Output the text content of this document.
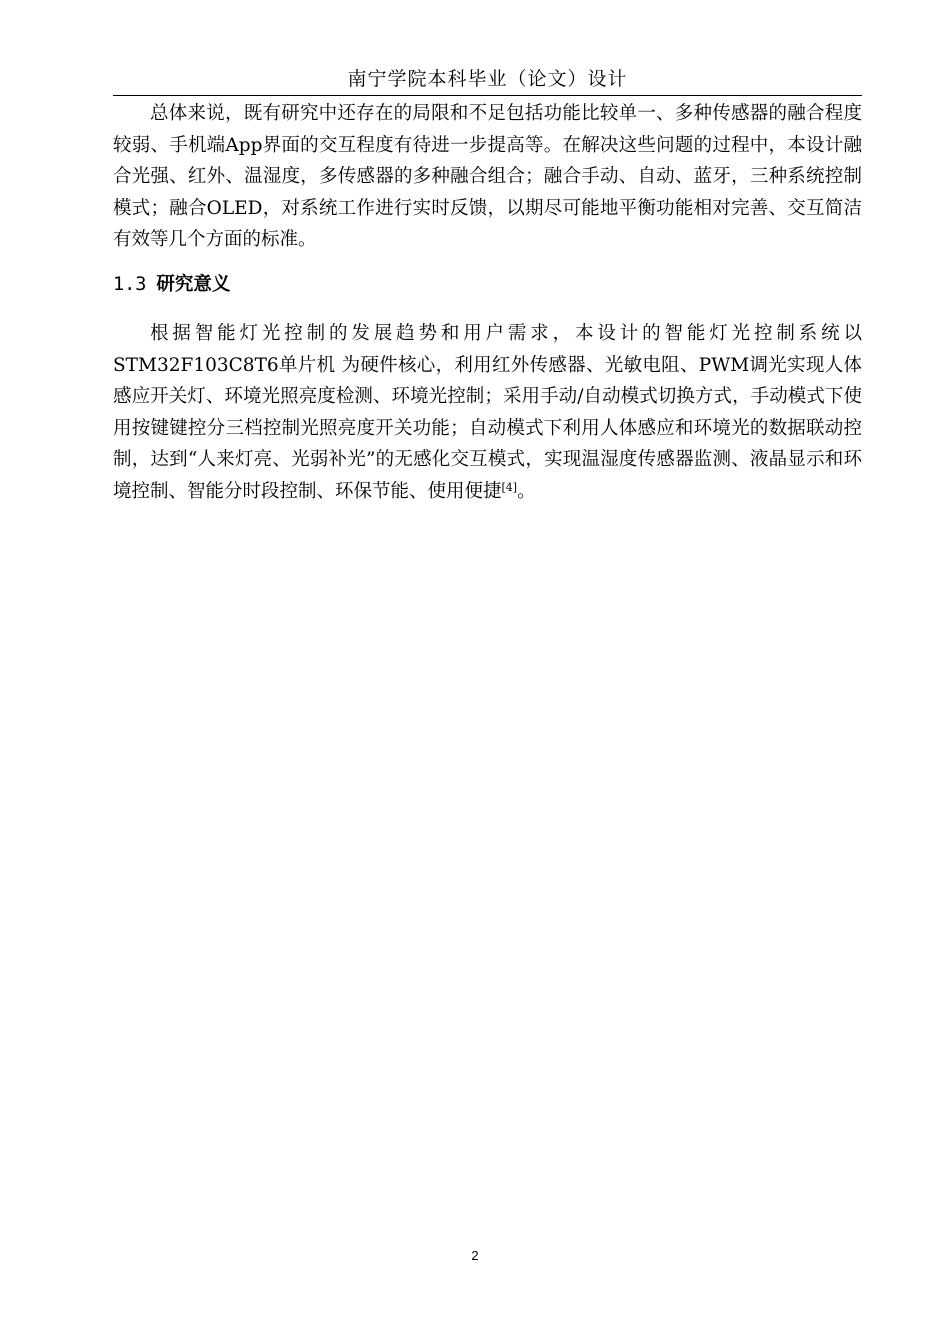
南宁学院本科毕业（论文）设计

总体来说，既有研究中还存在的局限和不足包括功能比较单一、多种传感器的融合程度较弱、手机端App界面的交互程度有待进一步提高等。在解决这些问题的过程中，本设计融合光强、红外、温湿度，多传感器的多种融合组合；融合手动、自动、蓝牙，三种系统控制模式；融合OLED，对系统工作进行实时反馈，以期尽可能地平衡功能相对完善、交互简洁有效等几个方面的标准。

1.3 研究意义

根据智能灯光控制的发展趋势和用户需求，本设计的智能灯光控制系统以STM32F103C8T6单片机 为硬件核心，利用红外传感器、光敏电阻、PWM调光实现人体感应开关灯、环境光照亮度检测、环境光控制；采用手动/自动模式切换方式，手动模式下使用按键键控分三档控制光照亮度开关功能；自动模式下利用人体感应和环境光的数据联动控制，达到“人来灯亮、光弱补光”的无感化交互模式，实现温湿度传感器监测、液晶显示和环境控制、智能分时段控制、环保节能、使用便捷[4]。

2
